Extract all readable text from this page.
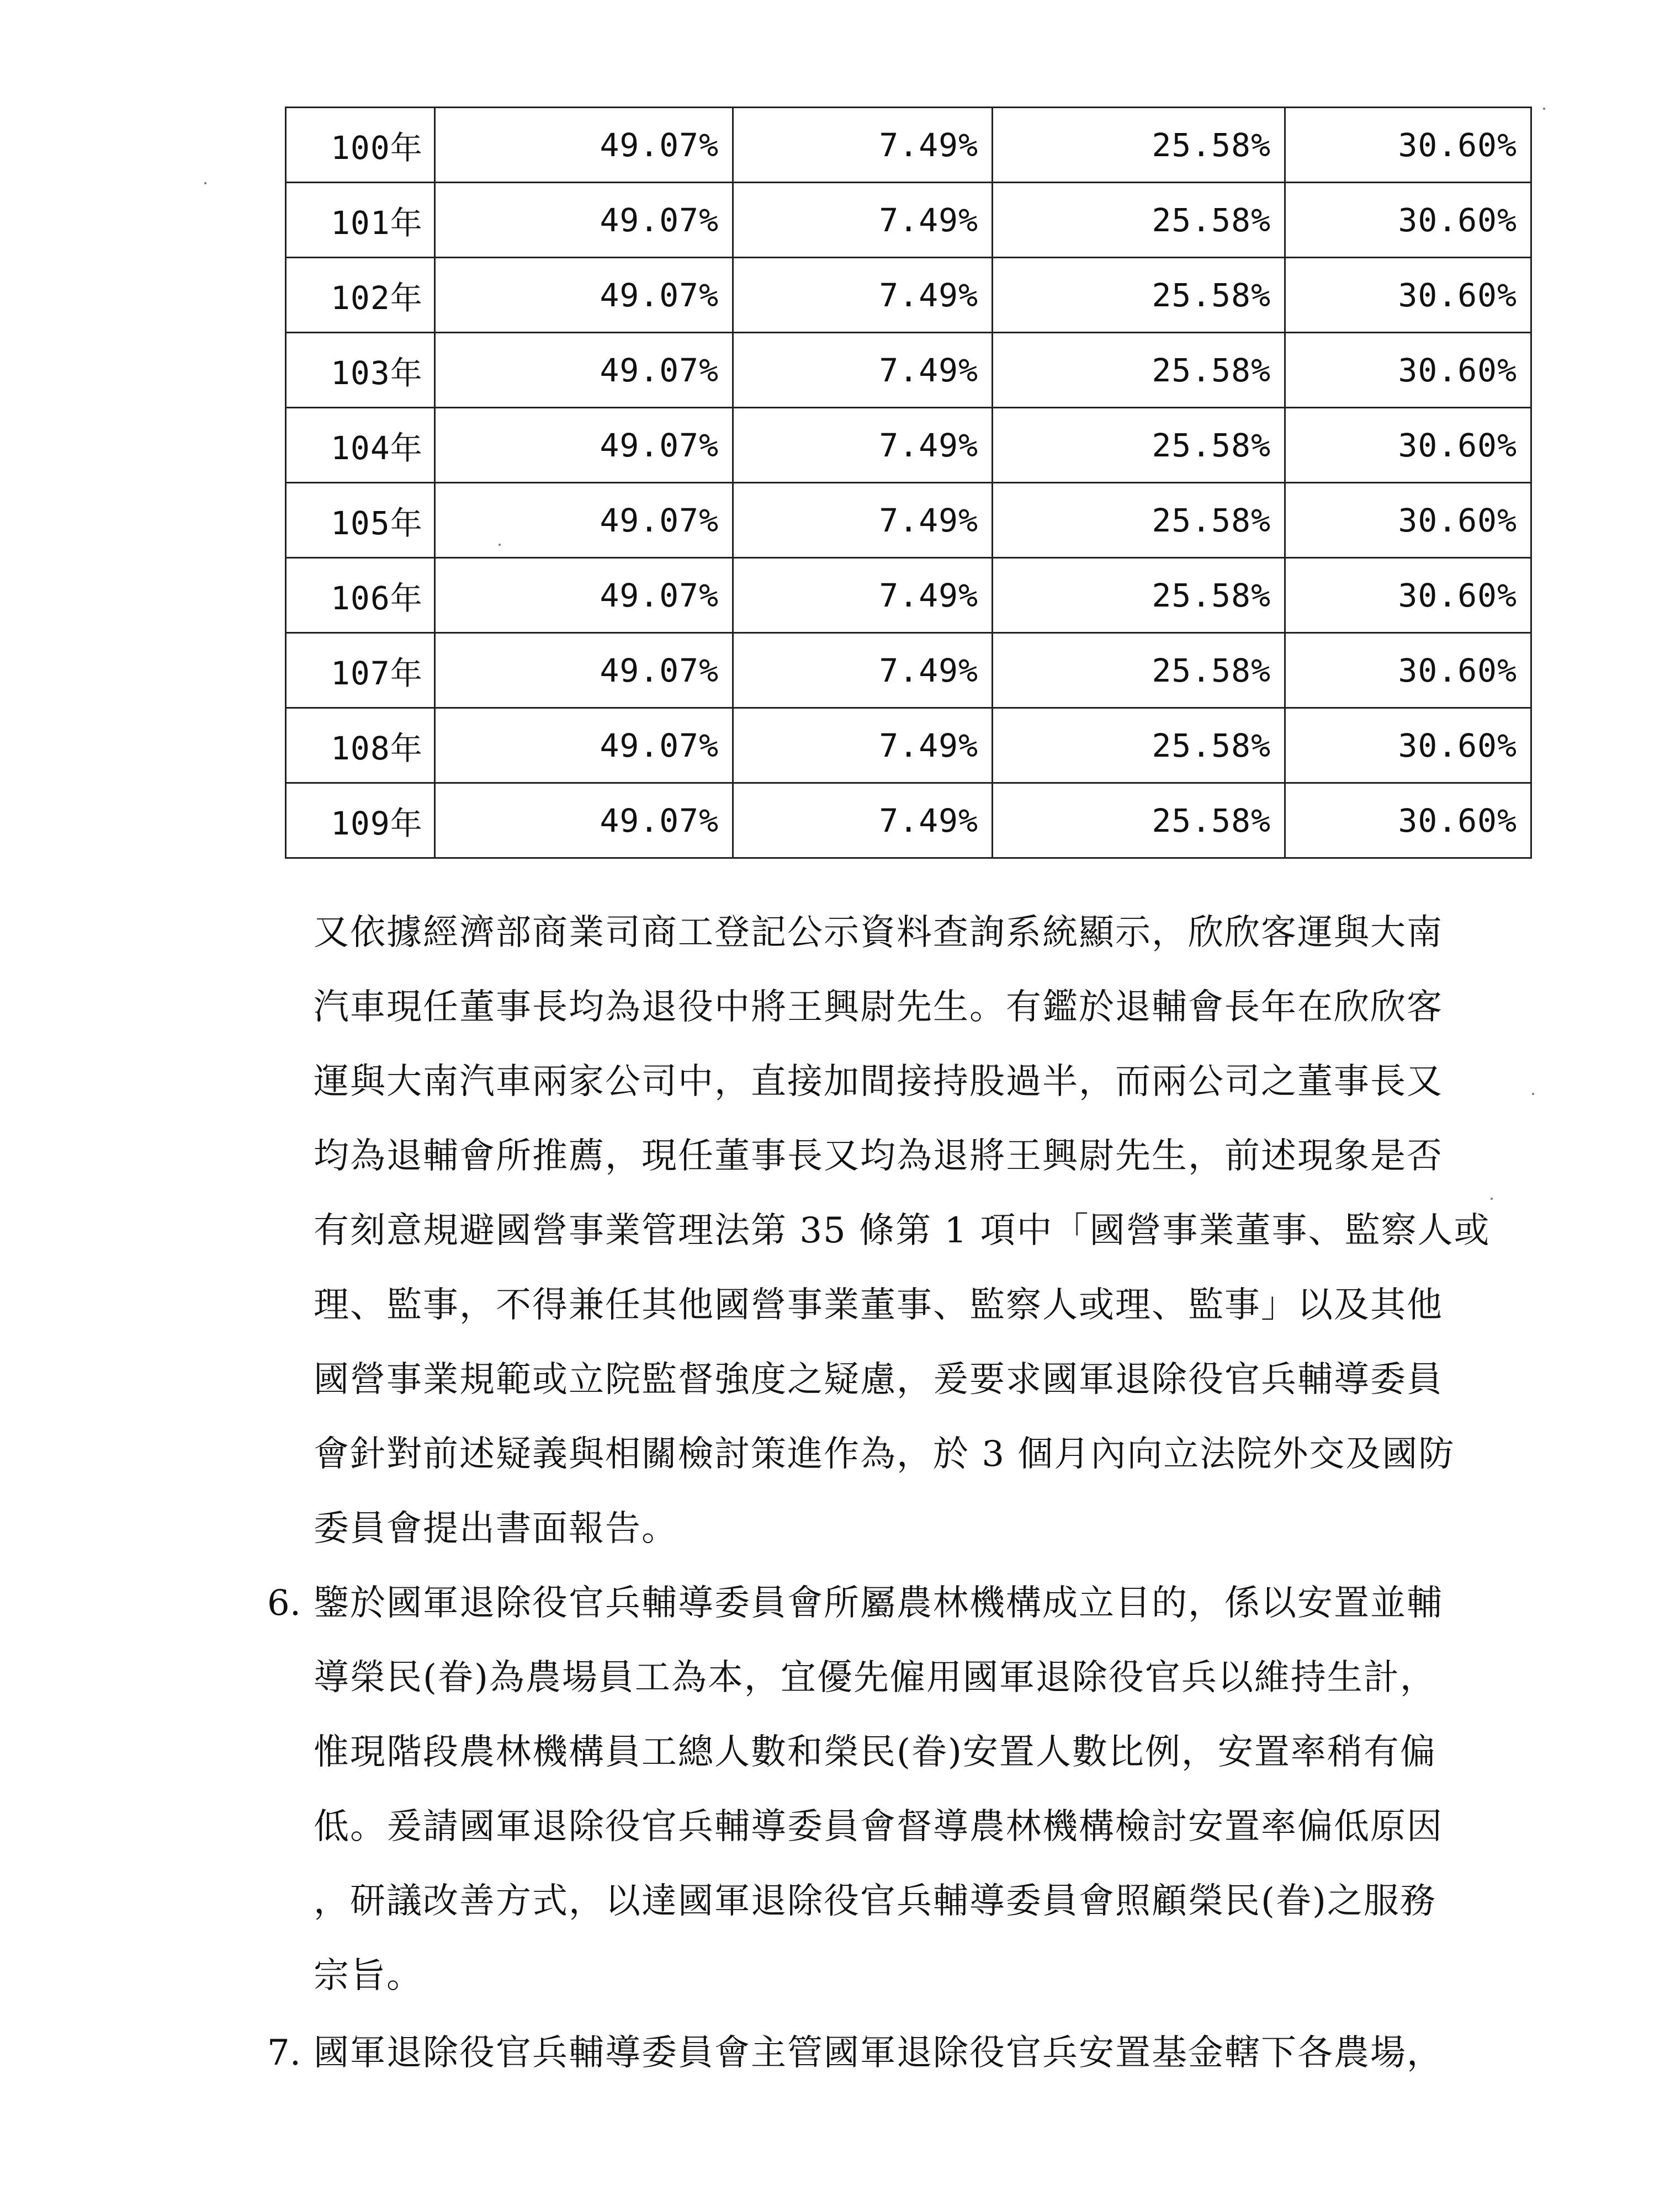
100年	49.07%	7.49%	25.58%	30.60%
101年	49.07%	7.49%	25.58%	30.60%
102年	49.07%	7.49%	25.58%	30.60%
103年	49.07%	7.49%	25.58%	30.60%
104年	49.07%	7.49%	25.58%	30.60%
105年	49.07%	7.49%	25.58%	30.60%
106年	49.07%	7.49%	25.58%	30.60%
107年	49.07%	7.49%	25.58%	30.60%
108年	49.07%	7.49%	25.58%	30.60%
109年	49.07%	7.49%	25.58%	30.60%
又依據經濟部商業司商工登記公示資料查詢系統顯示，欣欣客運與大南
汽車現任董事長均為退役中將王興尉先生。有鑑於退輔會長年在欣欣客
運與大南汽車兩家公司中，直接加間接持股過半，而兩公司之董事長又
均為退輔會所推薦，現任董事長又均為退將王興尉先生，前述現象是否
有刻意規避國營事業管理法第 35 條第 1 項中「國營事業董事、監察人或
理、監事，不得兼任其他國營事業董事、監察人或理、監事」以及其他
國營事業規範或立院監督強度之疑慮，爰要求國軍退除役官兵輔導委員
會針對前述疑義與相關檢討策進作為，於 3 個月內向立法院外交及國防
委員會提出書面報告。
6. 鑒於國軍退除役官兵輔導委員會所屬農林機構成立目的，係以安置並輔
導榮民(眷)為農場員工為本，宜優先僱用國軍退除役官兵以維持生計，
惟現階段農林機構員工總人數和榮民(眷)安置人數比例，安置率稍有偏
低。爰請國軍退除役官兵輔導委員會督導農林機構檢討安置率偏低原因
，研議改善方式，以達國軍退除役官兵輔導委員會照顧榮民(眷)之服務
宗旨。
7. 國軍退除役官兵輔導委員會主管國軍退除役官兵安置基金轄下各農場，
